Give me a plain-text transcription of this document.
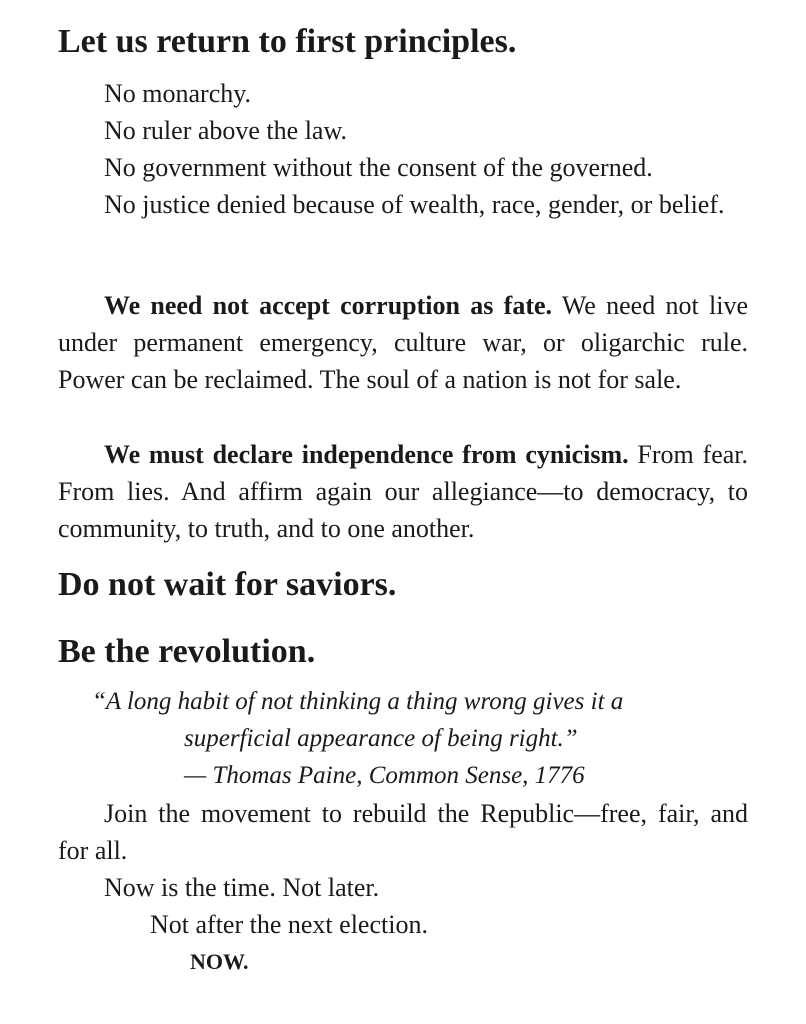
Let us return to first principles.
No monarchy.
No ruler above the law.
No government without the consent of the governed.
No justice denied because of wealth, race, gender, or belief.

We need not accept corruption as fate. We need not live under permanent emergency, culture war, or oligarchic rule. Power can be reclaimed. The soul of a nation is not for sale.

We must declare independence from cynicism. From fear. From lies. And affirm again our allegiance—to democracy, to community, to truth, and to one another.

Do not wait for saviors.
Be the revolution.
“A long habit of not thinking a thing wrong gives it a
superficial appearance of being right.”
— Thomas Paine, Common Sense, 1776

Join the movement to rebuild the Republic—free, fair, and for all.

Now is the time. Not later.

Not after the next election.

NOW.
